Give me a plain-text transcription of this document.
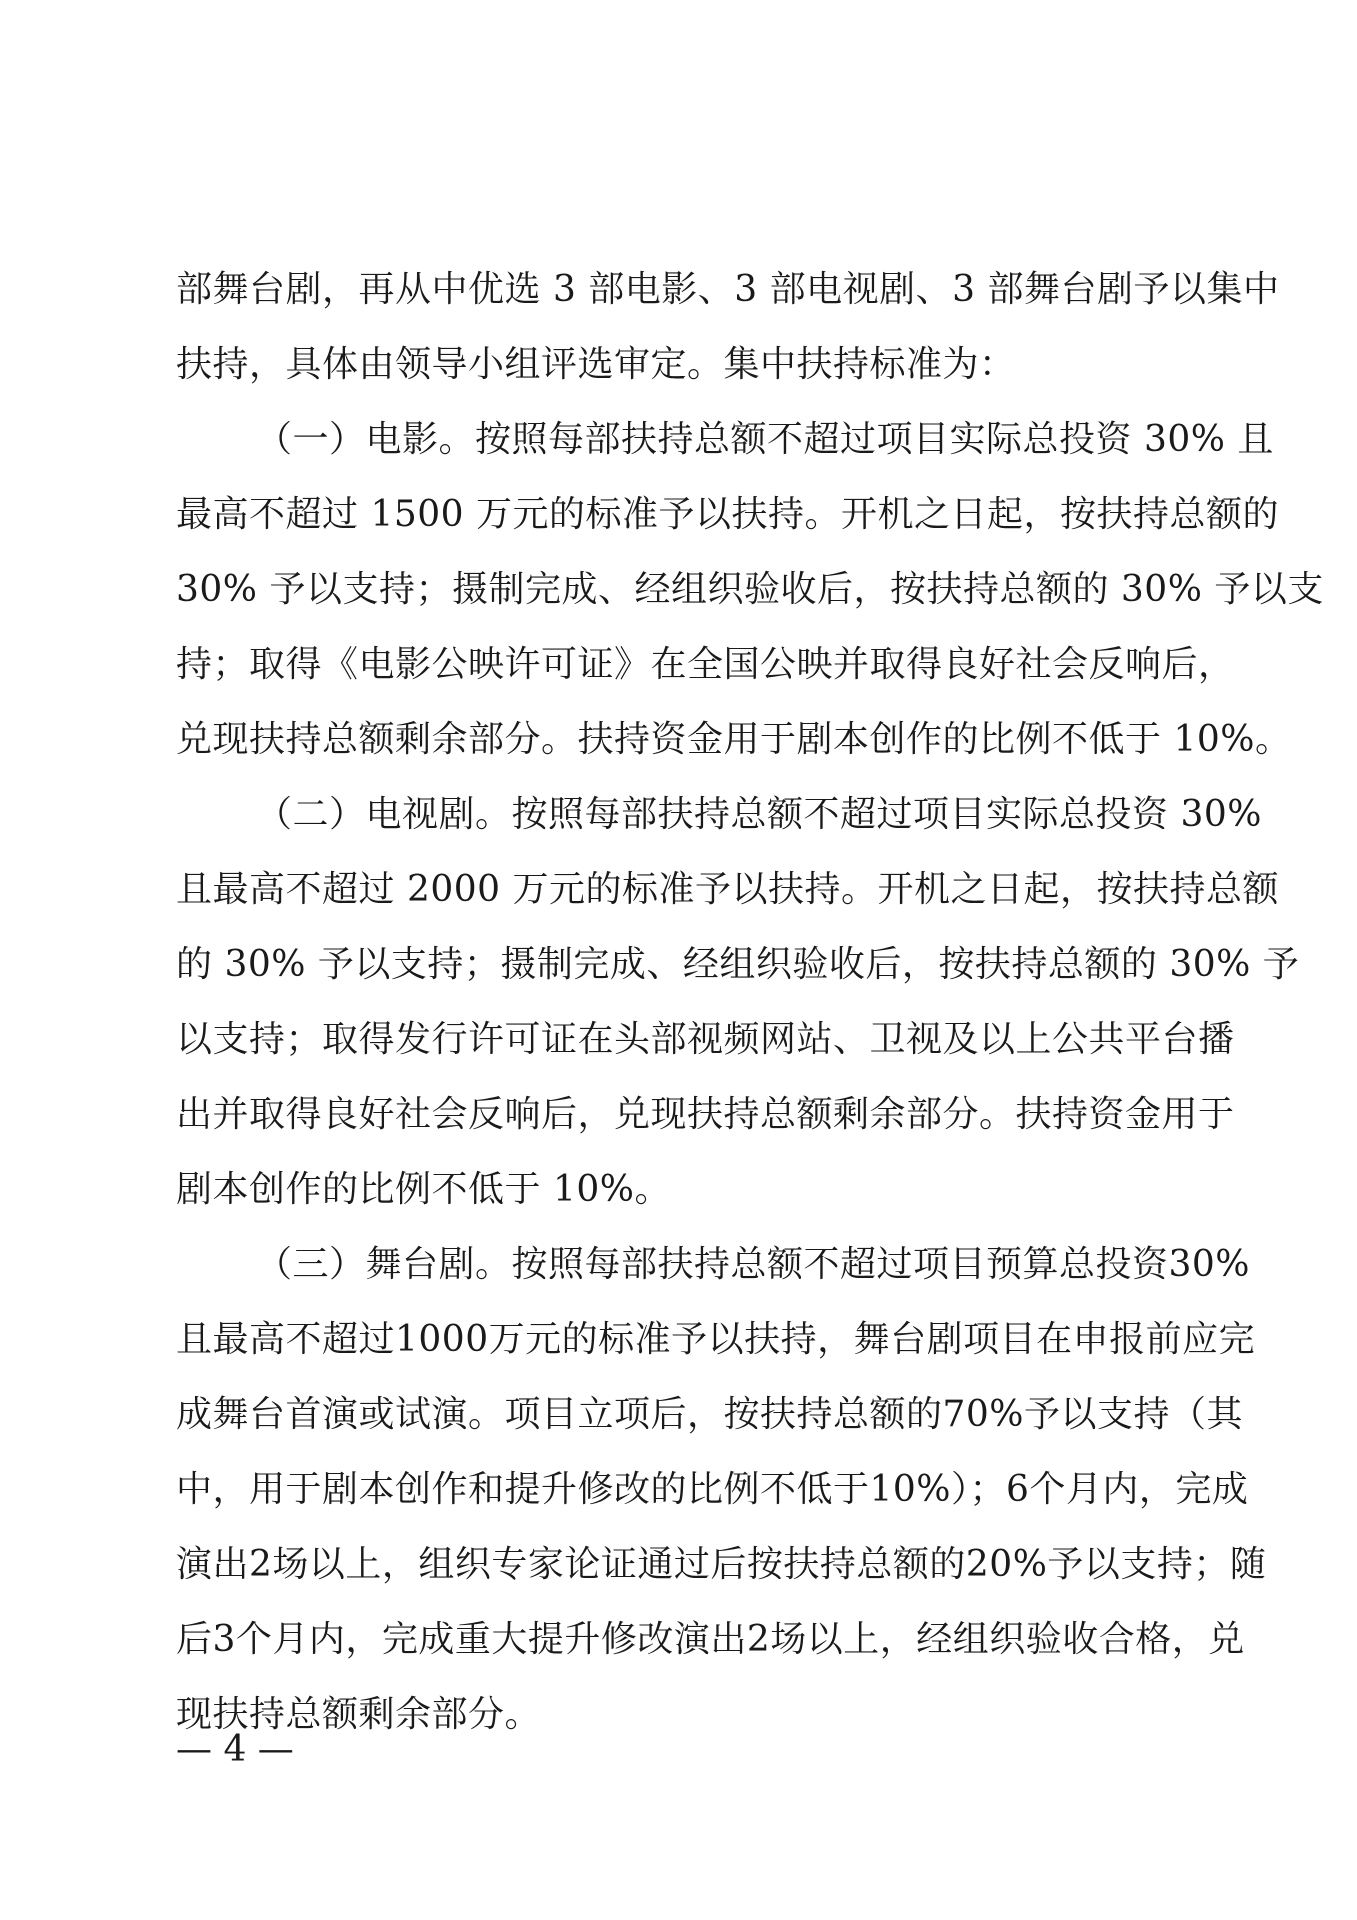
部舞台剧，再从中优选 3 部电影、3 部电视剧、3 部舞台剧予以集中
扶持，具体由领导小组评选审定。集中扶持标准为：
（一）电影。按照每部扶持总额不超过项目实际总投资 30% 且
最高不超过 1500 万元的标准予以扶持。开机之日起，按扶持总额的
30% 予以支持；摄制完成、经组织验收后，按扶持总额的 30% 予以支
持；取得《电影公映许可证》在全国公映并取得良好社会反响后，
兑现扶持总额剩余部分。扶持资金用于剧本创作的比例不低于 10%。
（二）电视剧。按照每部扶持总额不超过项目实际总投资 30%
且最高不超过 2000 万元的标准予以扶持。开机之日起，按扶持总额
的 30% 予以支持；摄制完成、经组织验收后，按扶持总额的 30% 予
以支持；取得发行许可证在头部视频网站、卫视及以上公共平台播
出并取得良好社会反响后，兑现扶持总额剩余部分。扶持资金用于
剧本创作的比例不低于 10%。
（三）舞台剧。按照每部扶持总额不超过项目预算总投资30%
且最高不超过1000万元的标准予以扶持，舞台剧项目在申报前应完
成舞台首演或试演。项目立项后，按扶持总额的70%予以支持（其
中，用于剧本创作和提升修改的比例不低于10%）；6个月内，完成
演出2场以上，组织专家论证通过后按扶持总额的20%予以支持；随
后3个月内，完成重大提升修改演出2场以上，经组织验收合格，兑
现扶持总额剩余部分。
— 4 —
